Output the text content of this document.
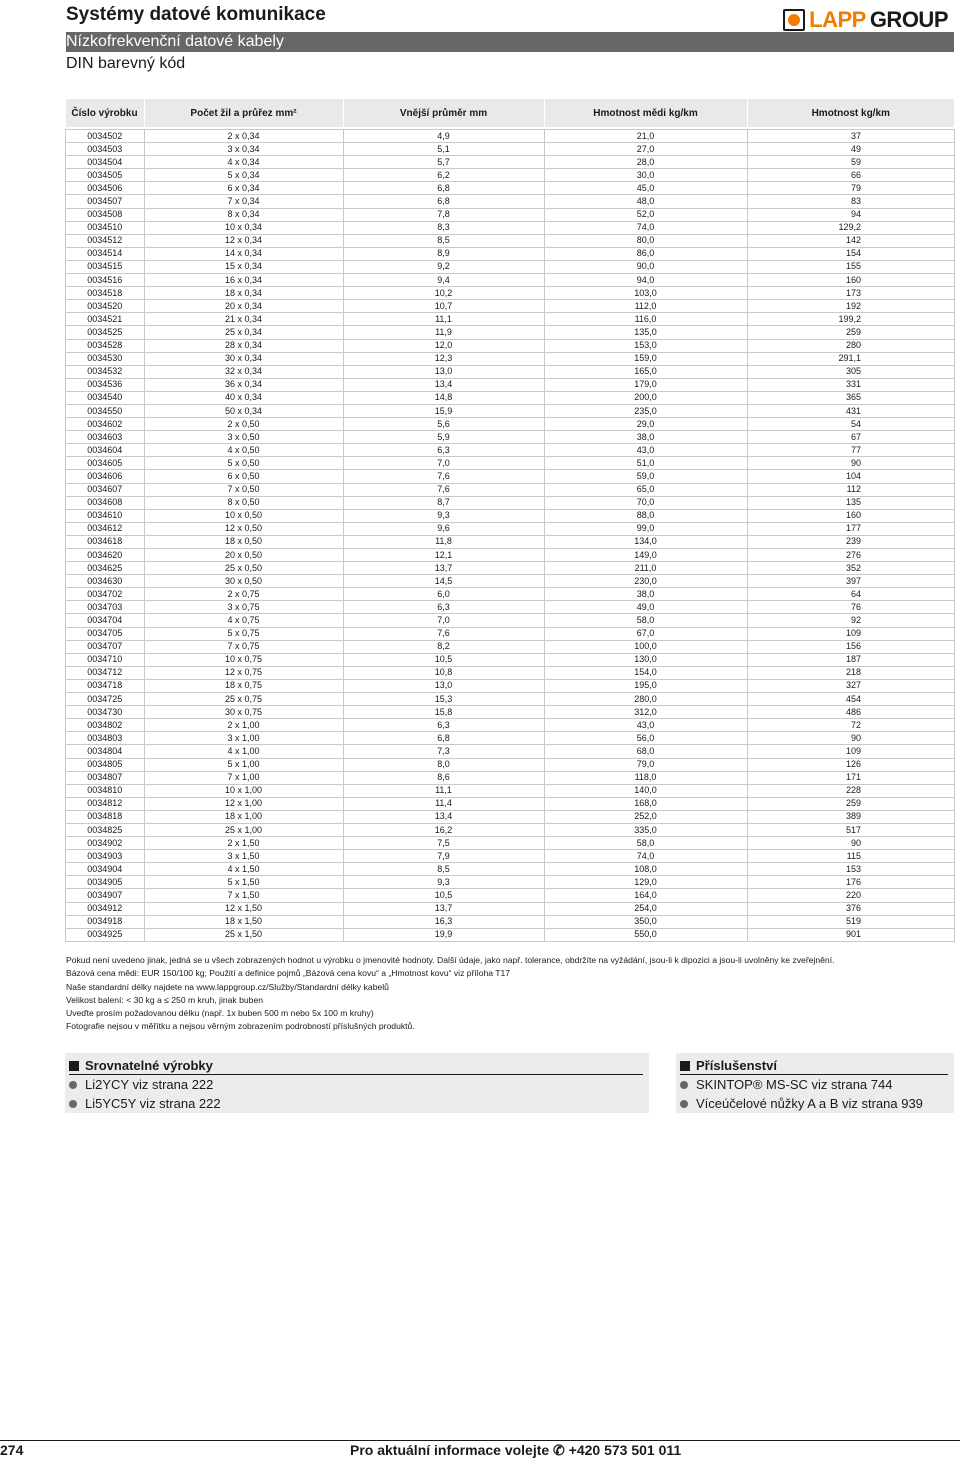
Systémy datové komunikace
Nízkofrekvenční datové kabely
DIN barevný kód
LAPP GROUP
Číslo výrobku	Počet žil a průřez mm²	Vnější průměr mm	Hmotnost mědi kg/km	Hmotnost kg/km

0034502	2 x 0,34	4,9	21,0	37
0034503	3 x 0,34	5,1	27,0	49
0034504	4 x 0,34	5,7	28,0	59
0034505	5 x 0,34	6,2	30,0	66
0034506	6 x 0,34	6,8	45,0	79
0034507	7 x 0,34	6,8	48,0	83
0034508	8 x 0,34	7,8	52,0	94
0034510	10 x 0,34	8,3	74,0	129,2
0034512	12 x 0,34	8,5	80,0	142
0034514	14 x 0,34	8,9	86,0	154
0034515	15 x 0,34	9,2	90,0	155
0034516	16 x 0,34	9,4	94,0	160
0034518	18 x 0,34	10,2	103,0	173
0034520	20 x 0,34	10,7	112,0	192
0034521	21 x 0,34	11,1	116,0	199,2
0034525	25 x 0,34	11,9	135,0	259
0034528	28 x 0,34	12,0	153,0	280
0034530	30 x 0,34	12,3	159,0	291,1
0034532	32 x 0,34	13,0	165,0	305
0034536	36 x 0,34	13,4	179,0	331
0034540	40 x 0,34	14,8	200,0	365
0034550	50 x 0,34	15,9	235,0	431
0034602	2 x 0,50	5,6	29,0	54
0034603	3 x 0,50	5,9	38,0	67
0034604	4 x 0,50	6,3	43,0	77
0034605	5 x 0,50	7,0	51,0	90
0034606	6 x 0,50	7,6	59,0	104
0034607	7 x 0,50	7,6	65,0	112
0034608	8 x 0,50	8,7	70,0	135
0034610	10 x 0,50	9,3	88,0	160
0034612	12 x 0,50	9,6	99,0	177
0034618	18 x 0,50	11,8	134,0	239
0034620	20 x 0,50	12,1	149,0	276
0034625	25 x 0,50	13,7	211,0	352
0034630	30 x 0,50	14,5	230,0	397
0034702	2 x 0,75	6,0	38,0	64
0034703	3 x 0,75	6,3	49,0	76
0034704	4 x 0,75	7,0	58,0	92
0034705	5 x 0,75	7,6	67,0	109
0034707	7 x 0,75	8,2	100,0	156
0034710	10 x 0,75	10,5	130,0	187
0034712	12 x 0,75	10,8	154,0	218
0034718	18 x 0,75	13,0	195,0	327
0034725	25 x 0,75	15,3	280,0	454
0034730	30 x 0,75	15,8	312,0	486
0034802	2 x 1,00	6,3	43,0	72
0034803	3 x 1,00	6,8	56,0	90
0034804	4 x 1,00	7,3	68,0	109
0034805	5 x 1,00	8,0	79,0	126
0034807	7 x 1,00	8,6	118,0	171
0034810	10 x 1,00	11,1	140,0	228
0034812	12 x 1,00	11,4	168,0	259
0034818	18 x 1,00	13,4	252,0	389
0034825	25 x 1,00	16,2	335,0	517
0034902	2 x 1,50	7,5	58,0	90
0034903	3 x 1,50	7,9	74,0	115
0034904	4 x 1,50	8,5	108,0	153
0034905	5 x 1,50	9,3	129,0	176
0034907	7 x 1,50	10,5	164,0	220
0034912	12 x 1,50	13,7	254,0	376
0034918	18 x 1,50	16,3	350,0	519
0034925	25 x 1,50	19,9	550,0	901
Pokud není uvedeno jinak, jedná se u všech zobrazených hodnot u výrobku o jmenovité hodnoty. Další údaje, jako např. tolerance, obdržíte na vyžádání, jsou-li k dipozici a jsou-li uvolněny ke zveřejnění.
Bázová cena mědi: EUR 150/100 kg; Použití a definice pojmů „Bázová cena kovu“ a „Hmotnost kovu“ viz příloha T17
Naše standardní délky najdete na www.lappgroup.cz/Služby/Standardní délky kabelů
Velikost balení: < 30 kg a ≤ 250 m kruh, jinak buben
Uveďte prosím požadovanou délku (např. 1x buben 500 m nebo 5x 100 m kruhy)
Fotografie nejsou v měřítku a nejsou věrným zobrazením podrobností příslušných produktů.
Srovnatelné výrobky
Li2YCY viz strana 222
Li5YC5Y viz strana 222
Příslušenství
SKINTOP® MS-SC viz strana 744
Víceúčelové nůžky A a B viz strana 939
274	Pro aktuální informace volejte ✆ +420 573 501 011
